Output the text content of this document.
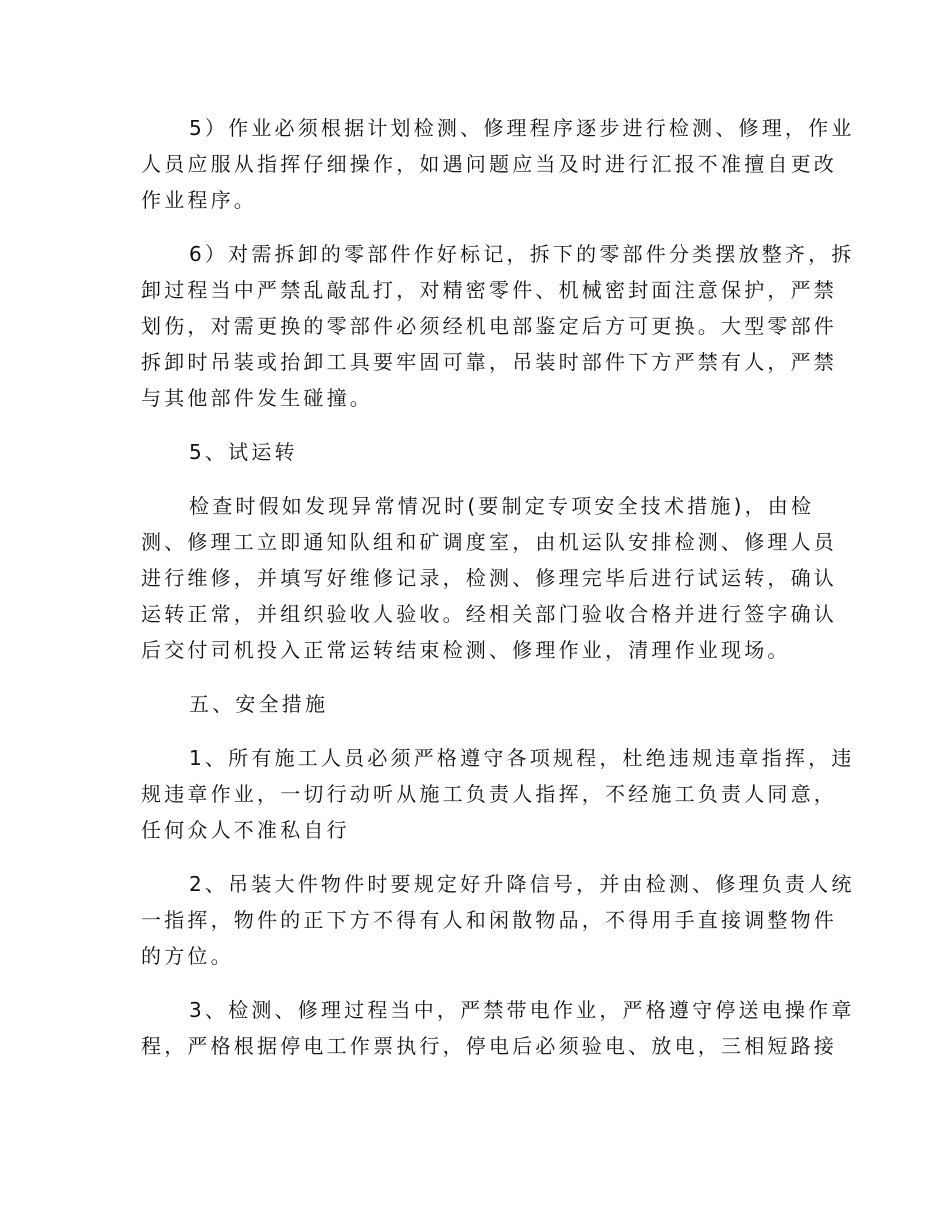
5）作业必须根据计划检测、修理程序逐步进行检测、修理，作业
人员应服从指挥仔细操作，如遇问题应当及时进行汇报不准擅自更改
作业程序。
6）对需拆卸的零部件作好标记，拆下的零部件分类摆放整齐，拆
卸过程当中严禁乱敲乱打，对精密零件、机械密封面注意保护，严禁
划伤，对需更换的零部件必须经机电部鉴定后方可更换。大型零部件
拆卸时吊装或抬卸工具要牢固可靠，吊装时部件下方严禁有人，严禁
与其他部件发生碰撞。
5、试运转
检查时假如发现异常情况时(要制定专项安全技术措施)，由检
测、修理工立即通知队组和矿调度室，由机运队安排检测、修理人员
进行维修，并填写好维修记录，检测、修理完毕后进行试运转，确认
运转正常，并组织验收人验收。经相关部门验收合格并进行签字确认
后交付司机投入正常运转结束检测、修理作业，清理作业现场。
五、安全措施
1、所有施工人员必须严格遵守各项规程，杜绝违规违章指挥，违
规违章作业，一切行动听从施工负责人指挥，不经施工负责人同意，
任何众人不准私自行
2、吊装大件物件时要规定好升降信号，并由检测、修理负责人统
一指挥，物件的正下方不得有人和闲散物品，不得用手直接调整物件
的方位。
3、检测、修理过程当中，严禁带电作业，严格遵守停送电操作章
程，严格根据停电工作票执行，停电后必须验电、放电，三相短路接
